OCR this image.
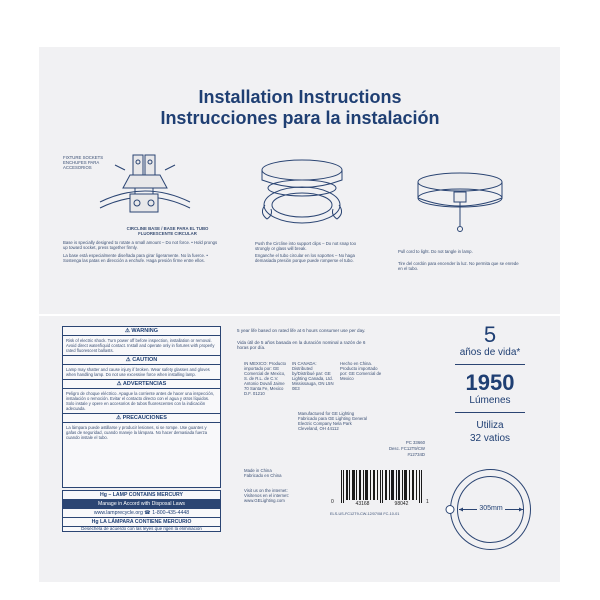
Installation Instructions
Instrucciones para la instalación
FIXTURE SOCKETS ENCHUFES PARA ACCESORIOS
CIRCLINE BASE / BASE PARA EL TUBO FLUORESCENTE CIRCULAR
Base is specially designed to rotate a small amount – Do not force. • Hold prongs up toward socket, press together firmly.
La base está especialmente diseñada para girar ligeramente. No la fuerce. • Sostenga las patas en dirección a enchufe. Haga presión firme entre ellos.
Push the Circline into support clips – Do not snap too strongly or glass will break.
Enganche el tubo circular en los soportes – No haga demasiada presión porque puede romperse el tubo.
Pull cord to light. Do not tangle in lamp.
Tire del cordón para encender la luz. No permita que se enrede en el tubo.
⚠ WARNING
Risk of electric shock. Turn power off before inspection, installation or removal. Avoid direct water/liquid contact. Install and operate only in fixtures with properly rated fluorescent ballasts.
⚠ CAUTION
Lamp may shatter and cause injury if broken. Wear safety glasses and gloves when handling lamp. Do not use excessive force when installing lamp.
⚠ ADVERTENCIAS
Peligro de choque eléctrico. Apague la corriente antes de hacer una inspección, instalación o remoción. Evitar el contacto directo con el agua y otros líquidos. Solo instale y opere en accesorios de tubos fluorescentes con la indicación adecuada.
⚠ PRECAUCIONES
La lámpara puede astillarse y producir lesiones, si se rompe. Use guantes y gafas de seguridad, cuando maneje la lámpara. No hacer demasiada fuerza cuando instale el tubo.
Hg – LAMP CONTAINS MERCURY
Manage in Accord with Disposal Laws
www.lamprecycle.org ☎ 1-800-435-4448
Hg LA LÁMPARA CONTIENE MERCURIO
Deséchela de acuerdo con las leyes que rigen la eliminación
5 year life based on rated life at 6 hours consumer use per day.
Vida útil de 5 años basada en la duración nominal a razón de 6 horas por día.
IN MEXICO: Producto importado por: GE Comercial de Mexico, S. de R.L. de C.V. Antonio Dovalí Jaime 70 Santa Fe, Mexico D.F. 01210
IN CANADA: Distributed by/Distribué par: GE Lighting Canada, Ltd. Mississauga, ON L5N 0E3
Hecho en China. Producto importado por: GE Comercial de Mexico
Manufactured for GE Lighting Fabricado para GE Lighting General Electric Company Nela Park Cleveland, OH 44112
PC 33660
Desc. FC12T9/CW
#12734D
Made in China Fabricado en China
Visit us on the internet: Visítenos en el internet: www.GELighting.com	0	43168	98042	1
ELS-US-FC12T9-CW-12/07/08 FC-10-01
5
años de vida*
1950
Lúmenes
Utiliza
32 vatios
305mm
